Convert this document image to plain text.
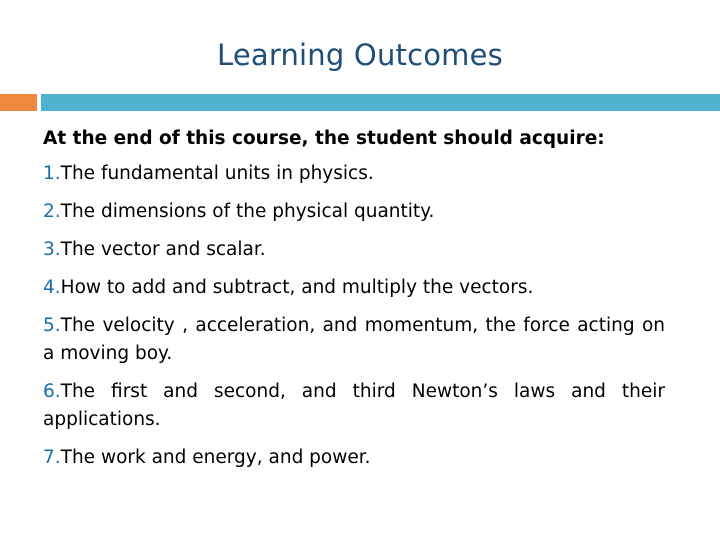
Learning Outcomes

At the end of this course, the student should acquire:

1.The fundamental units in physics.

2.The dimensions of the physical quantity.

3.The vector and scalar.

4.How to add and subtract, and multiply the vectors.

5.The velocity , acceleration, and momentum, the force acting on a moving boy.

6.The first and second, and third Newton’s laws and their applications.

7.The work and energy, and power.
